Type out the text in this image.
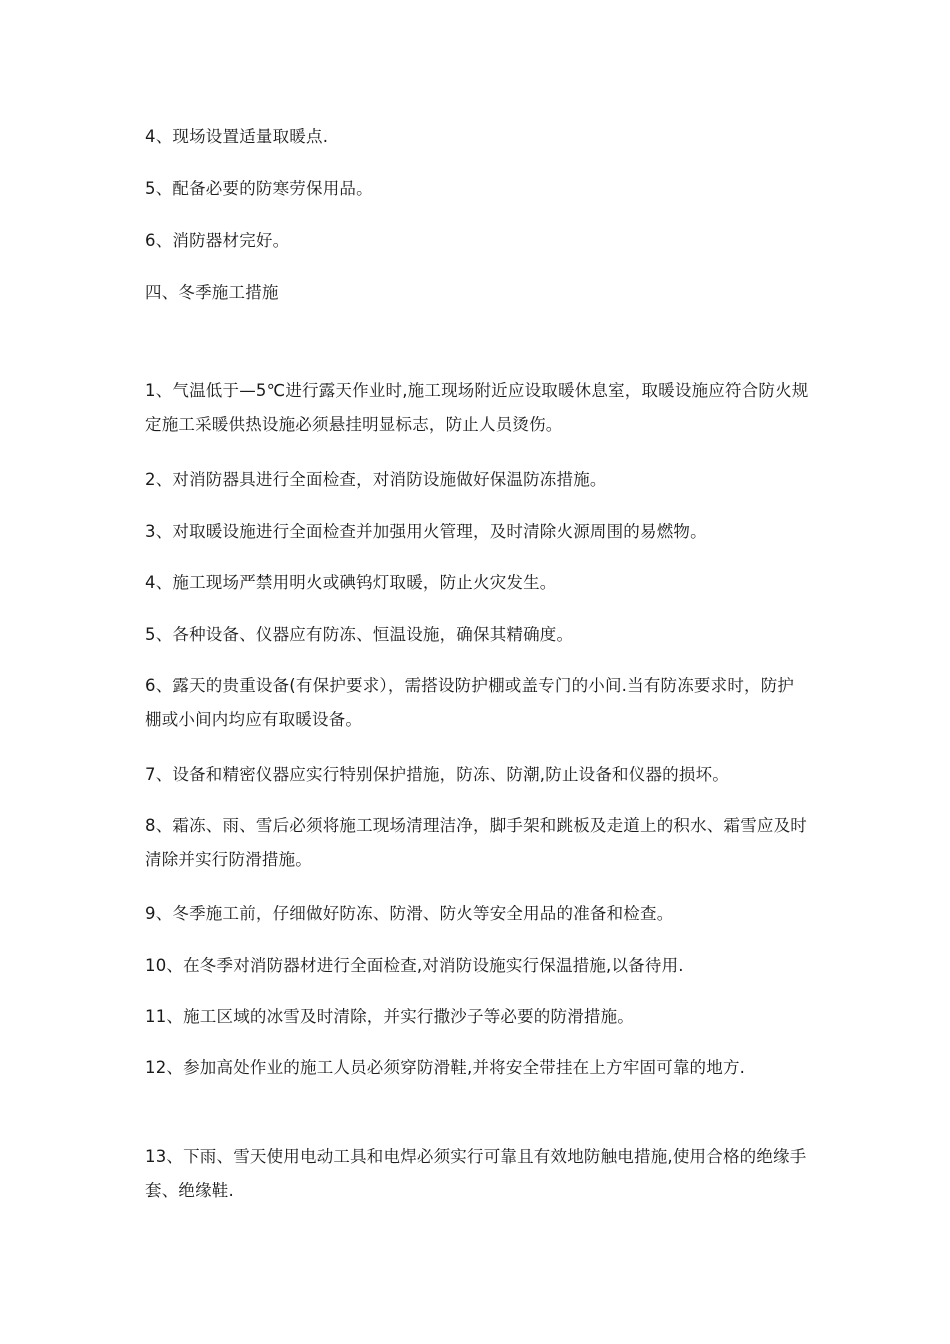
4、现场设置适量取暖点.

5、配备必要的防寒劳保用品。

6、消防器材完好。

四、冬季施工措施

1、气温低于—5℃进行露天作业时,施工现场附近应设取暖休息室，取暖设施应符合防火规定施工采暖供热设施必须悬挂明显标志，防止人员烫伤。

2、对消防器具进行全面检查，对消防设施做好保温防冻措施。

3、对取暖设施进行全面检查并加强用火管理，及时清除火源周围的易燃物。

4、施工现场严禁用明火或碘钨灯取暖，防止火灾发生。

5、各种设备、仪器应有防冻、恒温设施，确保其精确度。

6、露天的贵重设备(有保护要求），需搭设防护棚或盖专门的小间.当有防冻要求时，防护棚或小间内均应有取暖设备。

7、设备和精密仪器应实行特别保护措施，防冻、防潮,防止设备和仪器的损坏。

8、霜冻、雨、雪后必须将施工现场清理洁净，脚手架和跳板及走道上的积水、霜雪应及时清除并实行防滑措施。

9、冬季施工前，仔细做好防冻、防滑、防火等安全用品的准备和检查。

10、在冬季对消防器材进行全面检查,对消防设施实行保温措施,以备待用.

11、施工区域的冰雪及时清除，并实行撒沙子等必要的防滑措施。

12、参加高处作业的施工人员必须穿防滑鞋,并将安全带挂在上方牢固可靠的地方.

13、下雨、雪天使用电动工具和电焊必须实行可靠且有效地防触电措施,使用合格的绝缘手套、绝缘鞋.
